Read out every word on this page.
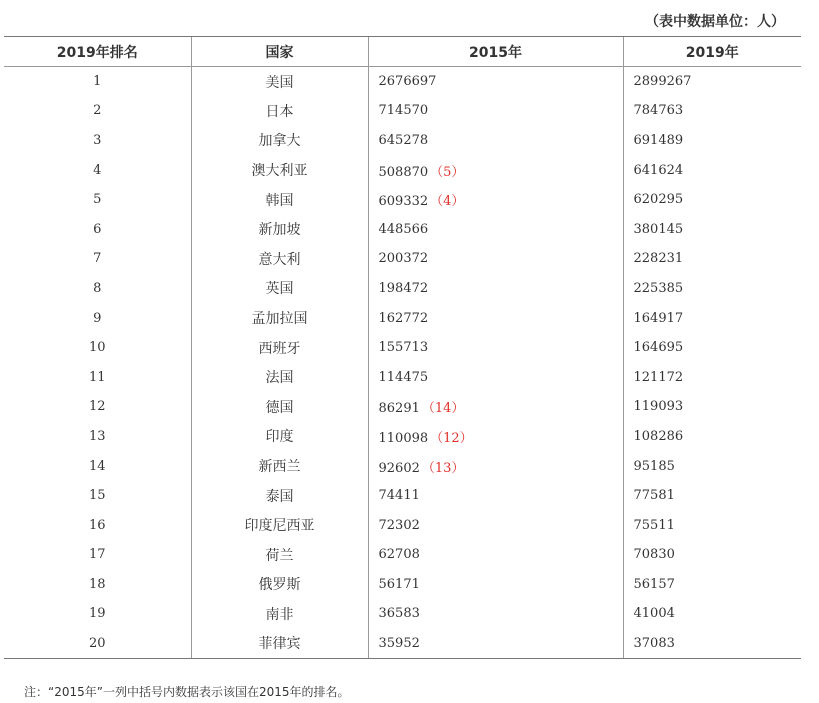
（表中数据单位：人）
2019年排名	国家	2015年	2019年
1	美国	2676697	2899267
2	日本	714570	784763
3	加拿大	645278	691489
4	澳大利亚	508870 （5）	641624
5	韩国	609332 （4）	620295
6	新加坡	448566	380145
7	意大利	200372	228231
8	英国	198472	225385
9	孟加拉国	162772	164917
10	西班牙	155713	164695
11	法国	114475	121172
12	德国	86291 （14）	119093
13	印度	110098 （12）	108286
14	新西兰	92602 （13）	95185
15	泰国	74411	77581
16	印度尼西亚	72302	75511
17	荷兰	62708	70830
18	俄罗斯	56171	56157
19	南非	36583	41004
20	菲律宾	35952	37083
注：“2015年”一列中括号内数据表示该国在2015年的排名。
